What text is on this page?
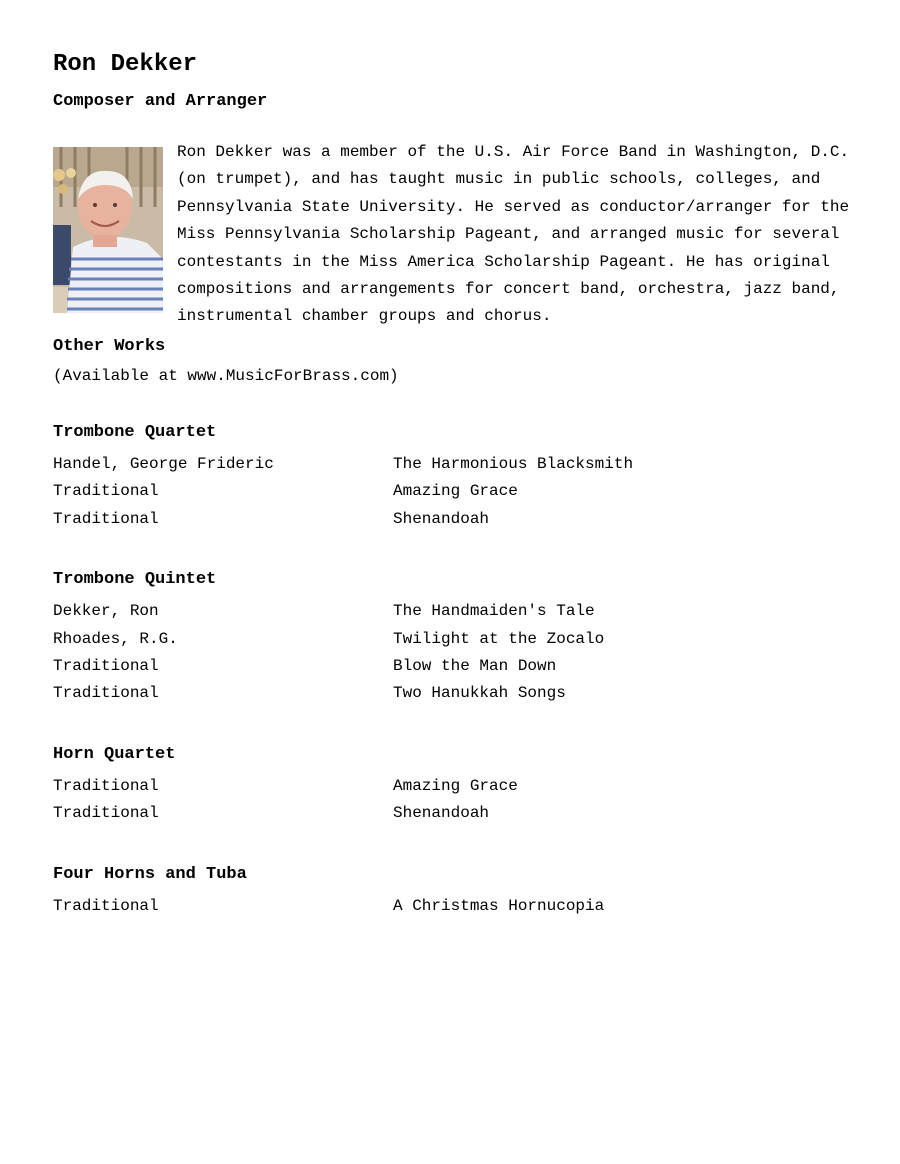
Ron Dekker
Composer and Arranger

Ron Dekker was a member of the U.S. Air Force Band in Washington, D.C. (on trumpet), and has taught music in public schools, colleges, and Pennsylvania State University. He served as conductor/arranger for the Miss Pennsylvania Scholarship Pageant, and arranged music for several contestants in the Miss America Scholarship Pageant. He has original compositions and arrangements for concert band, orchestra, jazz band, instrumental chamber groups and chorus.

Other Works
(Available at www.MusicForBrass.com)
Trombone Quartet
Handel, George Frideric	The Harmonious Blacksmith
Traditional	Amazing Grace
Traditional	Shenandoah
Trombone Quintet
Dekker, Ron	The Handmaiden's Tale
Rhoades, R.G.	Twilight at the Zocalo
Traditional	Blow the Man Down
Traditional	Two Hanukkah Songs
Horn Quartet
Traditional	Amazing Grace
Traditional	Shenandoah
Four Horns and Tuba
Traditional	A Christmas Hornucopia
